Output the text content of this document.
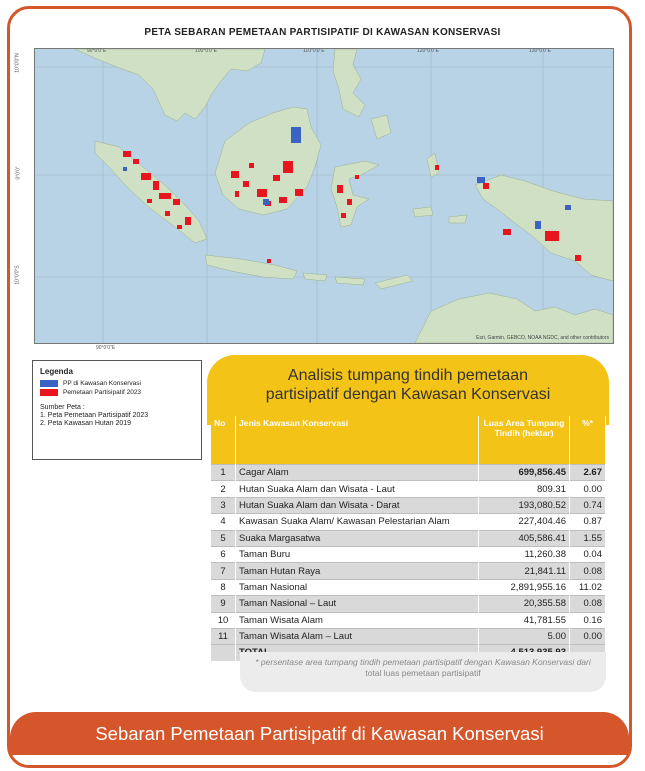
PETA SEBARAN PEMETAAN PARTISIPATIF DI KAWASAN KONSERVASI
90°0'0"E	100°0'0"E	110°0'0"E	120°0'0"E	130°0'0"E
Esri, Garmin, GEBCO, NOAA NGDC, and other contributors
10°0'0"N
0°0'0"
10°0'0"S
90°0'0"E
Legenda
PP di Kawasan Konservasi
Pemetaan Partisipatif 2023
Sumber Peta :
1. Peta Pemetaan Partisipatif 2023
2. Peta Kawasan Hutan 2019
Analisis tumpang tindih pemetaan
partisipatif dengan Kawasan Konservasi
No	Jenis Kawasan Konservasi	Luas Area Tumpang Tindih (hektar)	%*
1	Cagar Alam	699,856.45	2.67
2	Hutan Suaka Alam dan Wisata - Laut	809.31	0.00
3	Hutan Suaka Alam dan Wisata - Darat	193,080.52	0.74
4	Kawasan Suaka Alam/ Kawasan Pelestarian Alam	227,404.46	0.87
5	Suaka Margasatwa	405,586.41	1.55
6	Taman Buru	11,260.38	0.04
7	Taman Hutan Raya	21,841.11	0.08
8	Taman Nasional	2,891,955.16	11.02
9	Taman Nasional – Laut	20,355.58	0.08
10	Taman Wisata Alam	41,781.55	0.16
11	Taman Wisata Alam – Laut	5.00	0.00

* persentase area tumpang tindih pemetaan partisipatif dengan Kawasan Konservasi dari total luas pemetaan partisipatif
Sebaran Pemetaan Partisipatif di Kawasan Konservasi
